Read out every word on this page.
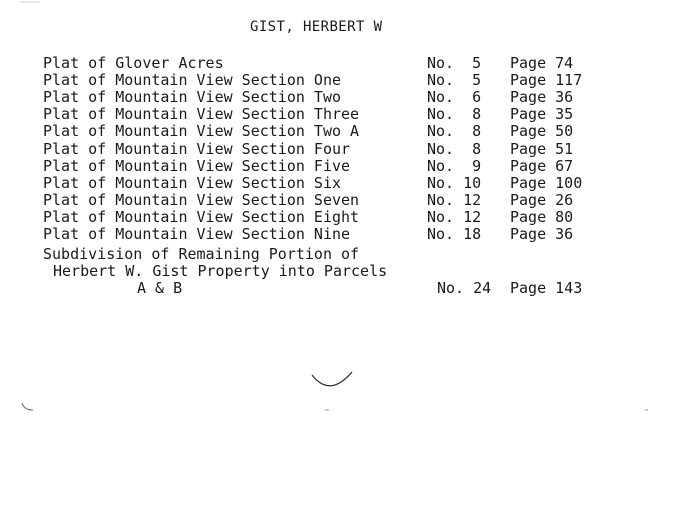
GIST, HERBERT W
Plat of Glover Acres	No.  5 Page 74
Plat of Mountain View Section One	No.  5 Page 117
Plat of Mountain View Section Two	No.  6 Page 36
Plat of Mountain View Section Three	No.  8 Page 35
Plat of Mountain View Section Two A	No.  8 Page 50
Plat of Mountain View Section Four	No.  8 Page 51
Plat of Mountain View Section Five	No.  9 Page 67
Plat of Mountain View Section Six	No. 10 Page 100
Plat of Mountain View Section Seven	No. 12 Page 26
Plat of Mountain View Section Eight	No. 12 Page 80
Plat of Mountain View Section Nine	No. 18 Page 36
Subdivision of Remaining Portion of
Herbert W. Gist Property into Parcels
A & B	No. 24 Page 143
